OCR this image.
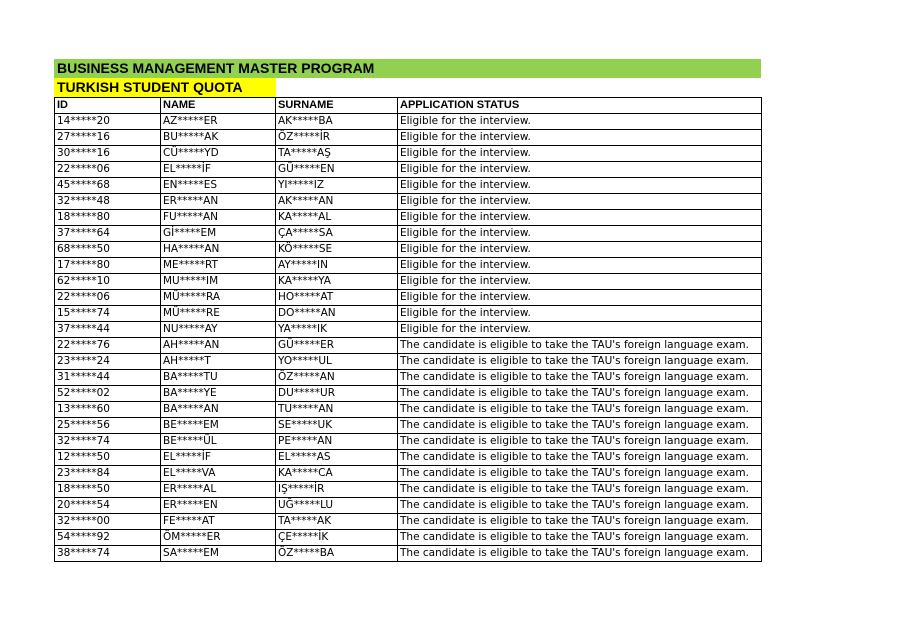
BUSINESS MANAGEMENT MASTER PROGRAM
TURKISH STUDENT QUOTA
ID	NAME	SURNAME	APPLICATION STATUS
14*****20	AZ*****ER	AK*****BA	Eligible for the interview.
27*****16	BU*****AK	ÖZ*****İR	Eligible for the interview.
30*****16	CÜ*****YD	TA*****AŞ	Eligible for the interview.
22*****06	EL*****İF	GÜ*****EN	Eligible for the interview.
45*****68	EN*****ES	YI*****IZ	Eligible for the interview.
32*****48	ER*****AN	AK*****AN	Eligible for the interview.
18*****80	FU*****AN	KA*****AL	Eligible for the interview.
37*****64	Gİ*****EM	ÇA*****SA	Eligible for the interview.
68*****50	HA*****AN	KÖ*****SE	Eligible for the interview.
17*****80	ME*****RT	AY*****IN	Eligible for the interview.
62*****10	MU*****IM	KA*****YA	Eligible for the interview.
22*****06	MÜ*****RA	HO*****AT	Eligible for the interview.
15*****74	MÜ*****RE	DO*****AN	Eligible for the interview.
37*****44	NU*****AY	YA*****IK	Eligible for the interview.
22*****76	AH*****AN	GÜ*****ER	The candidate is eligible to take the TAU's foreign language exam.
23*****24	AH*****T	YO*****UL	The candidate is eligible to take the TAU's foreign language exam.
31*****44	BA*****TU	ÖZ*****AN	The candidate is eligible to take the TAU's foreign language exam.
52*****02	BA*****YE	DU*****UR	The candidate is eligible to take the TAU's foreign language exam.
13*****60	BA*****AN	TU*****AN	The candidate is eligible to take the TAU's foreign language exam.
25*****56	BE*****EM	SE*****UK	The candidate is eligible to take the TAU's foreign language exam.
32*****74	BE*****ÜL	PE*****AN	The candidate is eligible to take the TAU's foreign language exam.
12*****50	EL*****İF	EL*****AS	The candidate is eligible to take the TAU's foreign language exam.
23*****84	EL*****VA	KA*****CA	The candidate is eligible to take the TAU's foreign language exam.
18*****50	ER*****AL	IŞ*****İR	The candidate is eligible to take the TAU's foreign language exam.
20*****54	ER*****EN	UĞ*****LU	The candidate is eligible to take the TAU's foreign language exam.
32*****00	FE*****AT	TA*****AK	The candidate is eligible to take the TAU's foreign language exam.
54*****92	ÖM*****ER	ÇE*****İK	The candidate is eligible to take the TAU's foreign language exam.
38*****74	SA*****EM	ÖZ*****BA	The candidate is eligible to take the TAU's foreign language exam.
